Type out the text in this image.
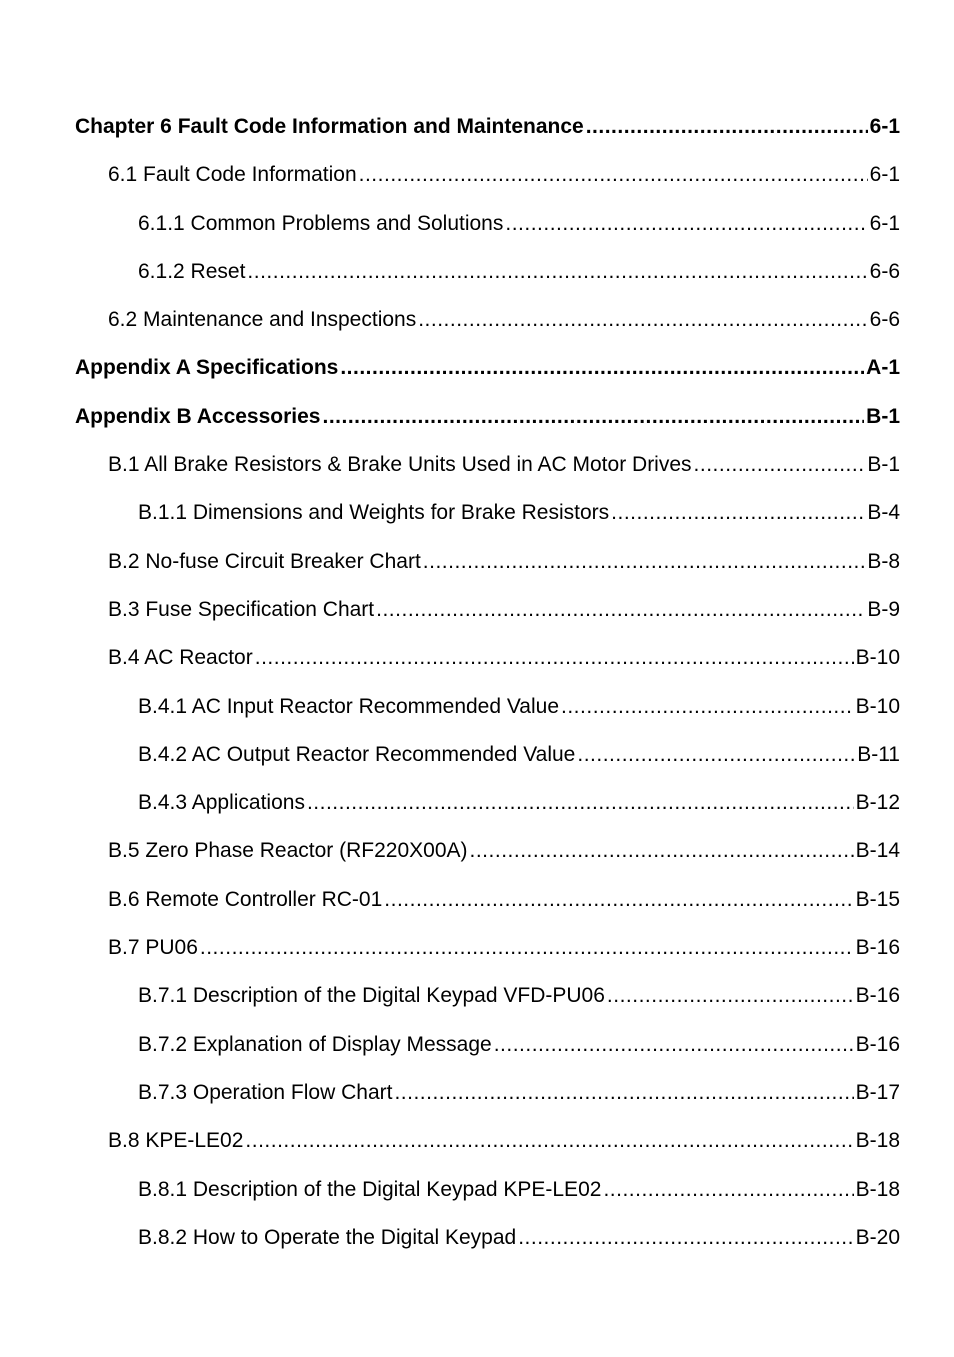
Chapter 6 Fault Code Information and Maintenance .....	6-1
6.1 Fault Code Information .....	6-1
6.1.1 Common Problems and Solutions .....	6-1
6.1.2 Reset .....	6-6
6.2 Maintenance and Inspections .....	6-6
Appendix A Specifications .....	A-1
Appendix B Accessories .....	B-1
B.1 All Brake Resistors & Brake Units Used in AC Motor Drives .....	B-1
B.1.1 Dimensions and Weights for Brake Resistors .....	B-4
B.2 No-fuse Circuit Breaker Chart .....	B-8
B.3 Fuse Specification Chart .....	B-9
B.4 AC Reactor .....	B-10
B.4.1 AC Input Reactor Recommended Value .....	B-10
B.4.2 AC Output Reactor Recommended Value .....	B-11
B.4.3 Applications .....	B-12
B.5 Zero Phase Reactor (RF220X00A) .....	B-14
B.6 Remote Controller RC-01 .....	B-15
B.7 PU06 .....	B-16
B.7.1 Description of the Digital Keypad VFD-PU06 .....	B-16
B.7.2 Explanation of Display Message .....	B-16
B.7.3 Operation Flow Chart .....	B-17
B.8 KPE-LE02 .....	B-18
B.8.1 Description of the Digital Keypad KPE-LE02 .....	B-18
B.8.2 How to Operate the Digital Keypad .....	B-20
